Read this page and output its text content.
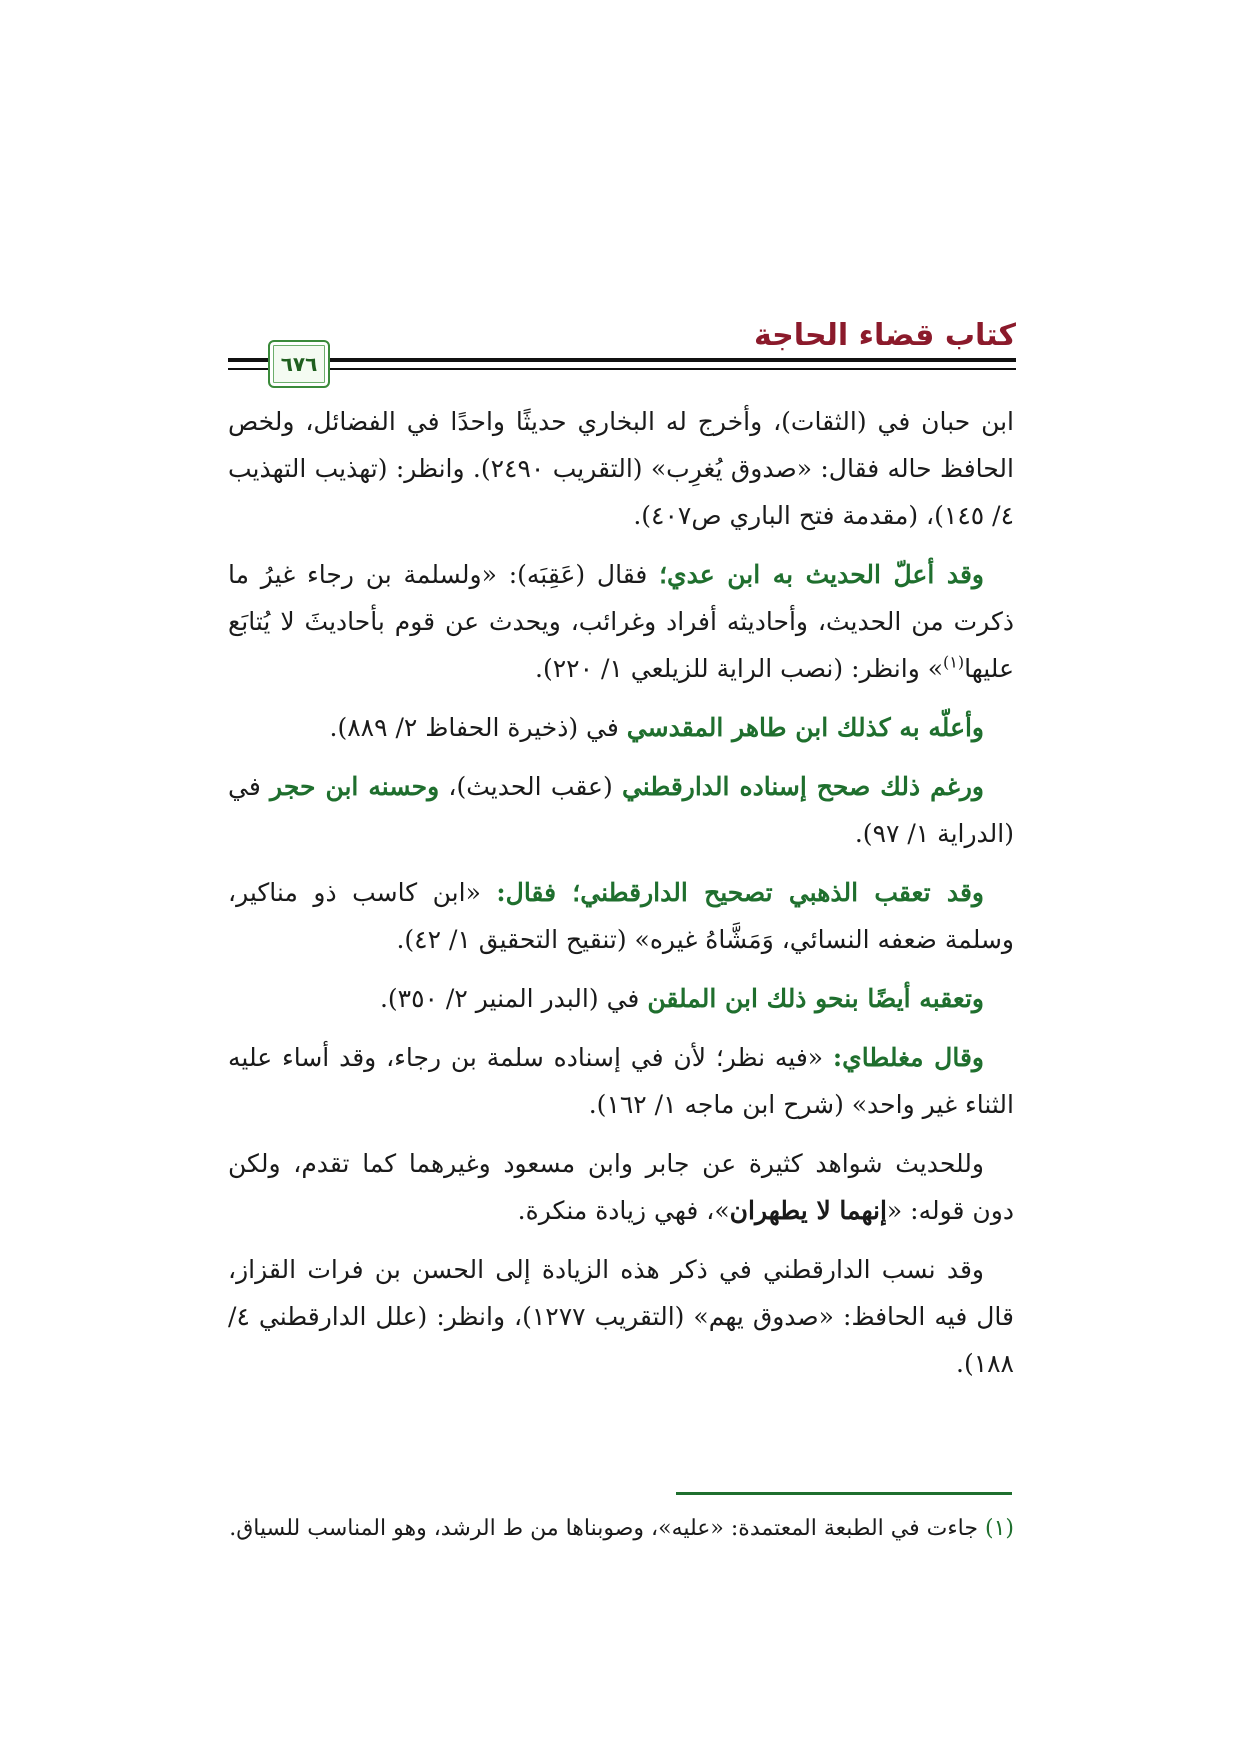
كتاب قضاء الحاجة
٦٧٦

ابن حبان في (الثقات)، وأخرج له البخاري حديثًا واحدًا في الفضائل، ولخص الحافظ حاله فقال: «صدوق يُغرِب» (التقريب ٢٤٩٠). وانظر: (تهذيب التهذيب ٤/ ١٤٥)، (مقدمة فتح الباري ص٤٠٧).

وقد أعلّ الحديث به ابن عدي؛ فقال (عَقِبَه): «ولسلمة بن رجاء غيرُ ما ذكرت من الحديث، وأحاديثه أفراد وغرائب، ويحدث عن قوم بأحاديثَ لا يُتابَع عليها$^{(١)}$» وانظر: (نصب الراية للزيلعي ١/ ٢٢٠).

وأعلّه به كذلك ابن طاهر المقدسي في (ذخيرة الحفاظ ٢/ ٨٨٩).

ورغم ذلك صحح إسناده الدارقطني (عقب الحديث)، وحسنه ابن حجر في (الدراية ١/ ٩٧).

وقد تعقب الذهبي تصحيح الدارقطني؛ فقال: «ابن كاسب ذو مناكير، وسلمة ضعفه النسائي، وَمَشَّاهُ غيره» (تنقيح التحقيق ١/ ٤٢).

وتعقبه أيضًا بنحو ذلك ابن الملقن في (البدر المنير ٢/ ٣٥٠).

وقال مغلطاي: «فيه نظر؛ لأن في إسناده سلمة بن رجاء، وقد أساء عليه الثناء غير واحد» (شرح ابن ماجه ١/ ١٦٢).

وللحديث شواهد كثيرة عن جابر وابن مسعود وغيرهما كما تقدم، ولكن دون قوله: «إنهما لا يطهران»، فهي زيادة منكرة.

وقد نسب الدارقطني في ذكر هذه الزيادة إلى الحسن بن فرات القزاز، قال فيه الحافظ: «صدوق يهم» (التقريب ١٢٧٧)، وانظر: (علل الدارقطني ٤/ ١٨٨).

(١) جاءت في الطبعة المعتمدة: «عليه»، وصوبناها من ط الرشد، وهو المناسب للسياق.
